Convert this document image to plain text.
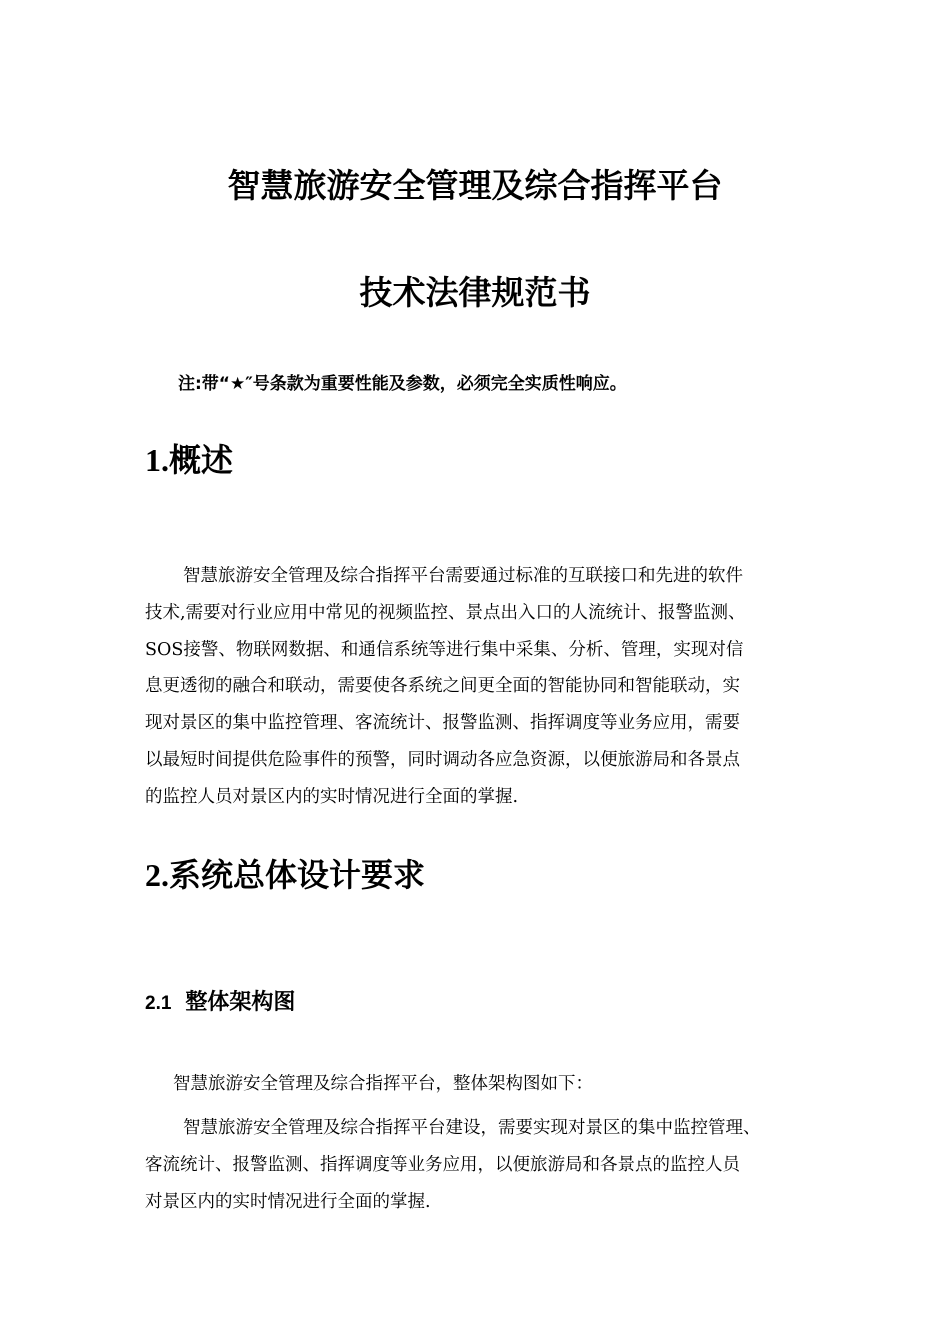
智慧旅游安全管理及综合指挥平台
技术法律规范书
注:带“★″号条款为重要性能及参数，必须完全实质性响应。
1.概述
智慧旅游安全管理及综合指挥平台需要通过标准的互联接口和先进的软件
技术,需要对行业应用中常见的视频监控、景点出入口的人流统计、报警监测、
SOS接警、物联网数据、和通信系统等进行集中采集、分析、管理，实现对信
息更透彻的融合和联动，需要使各系统之间更全面的智能协同和智能联动，实
现对景区的集中监控管理、客流统计、报警监测、指挥调度等业务应用，需要
以最短时间提供危险事件的预警，同时调动各应急资源，以便旅游局和各景点
的监控人员对景区内的实时情况进行全面的掌握.
2.系统总体设计要求
2.1 整体架构图
智慧旅游安全管理及综合指挥平台，整体架构图如下：
智慧旅游安全管理及综合指挥平台建设，需要实现对景区的集中监控管理、
客流统计、报警监测、指挥调度等业务应用，以便旅游局和各景点的监控人员
对景区内的实时情况进行全面的掌握.
